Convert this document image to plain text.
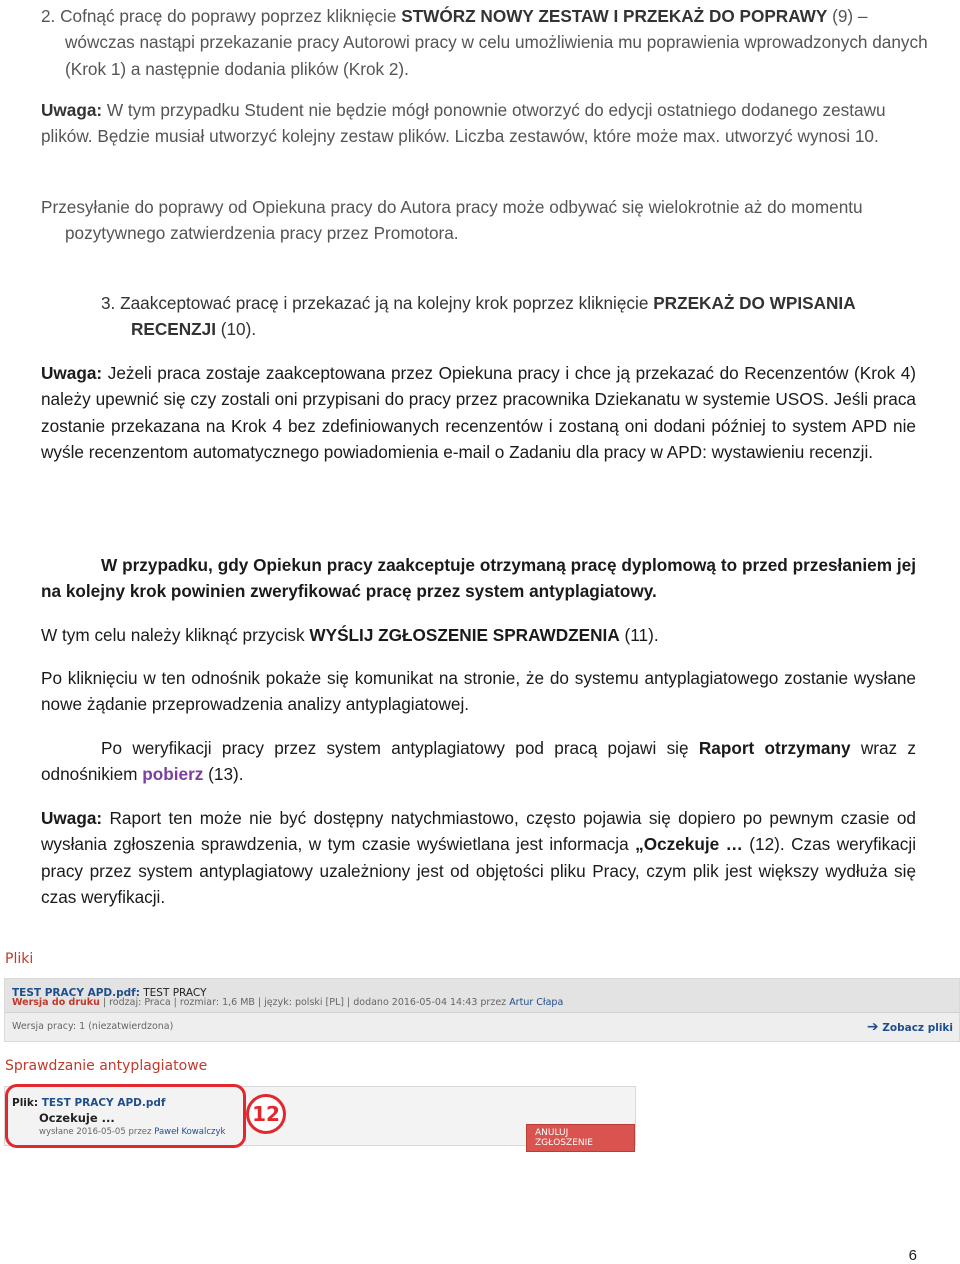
2. Cofnąć pracę do poprawy poprzez kliknięcie STWÓRZ NOWY ZESTAW I PRZEKAŻ DO POPRAWY (9) – wówczas nastąpi przekazanie pracy Autorowi pracy w celu umożliwienia mu poprawienia wprowadzonych danych (Krok 1) a następnie dodania plików (Krok 2).

Uwaga: W tym przypadku Student nie będzie mógł ponownie otworzyć do edycji ostatniego dodanego zestawu plików. Będzie musiał utworzyć kolejny zestaw plików. Liczba zestawów, które może max. utworzyć wynosi 10.

Przesyłanie do poprawy od Opiekuna pracy do Autora pracy może odbywać się wielokrotnie aż do momentu pozytywnego zatwierdzenia pracy przez Promotora.

3. Zaakceptować pracę i przekazać ją na kolejny krok poprzez kliknięcie PRZEKAŻ DO WPISANIA RECENZJI (10).

Uwaga: Jeżeli praca zostaje zaakceptowana przez Opiekuna pracy i chce ją przekazać do Recenzentów (Krok 4) należy upewnić się czy zostali oni przypisani do pracy przez pracownika Dziekanatu w systemie USOS. Jeśli praca zostanie przekazana na Krok 4 bez zdefiniowanych recenzentów i zostaną oni dodani później to system APD nie wyśle recenzentom automatycznego powiadomienia e-mail o Zadaniu dla pracy w APD: wystawieniu recenzji.

W przypadku, gdy Opiekun pracy zaakceptuje otrzymaną pracę dyplomową to przed przesłaniem jej na kolejny krok powinien zweryfikować pracę przez system antyplagiatowy.

W tym celu należy kliknąć przycisk WYŚLIJ ZGŁOSZENIE SPRAWDZENIA (11).

Po kliknięciu w ten odnośnik pokaże się komunikat na stronie, że do systemu antyplagiatowego zostanie wysłane nowe żądanie przeprowadzenia analizy antyplagiatowej.

Po weryfikacji pracy przez system antyplagiatowy pod pracą pojawi się Raport otrzymany wraz z odnośnikiem pobierz (13).

Uwaga: Raport ten może nie być dostępny natychmiastowo, często pojawia się dopiero po pewnym czasie od wysłania zgłoszenia sprawdzenia, w tym czasie wyświetlana jest informacja „Oczekuje … (12). Czas weryfikacji pracy przez system antyplagiatowy uzależniony jest od objętości pliku Pracy, czym plik jest większy wydłuża się czas weryfikacji.

Pliki
TEST PRACY APD.pdf: TEST PRACY
Wersja do druku | rodzaj: Praca | rozmiar: 1,6 MB | język: polski [PL] | dodano 2016-05-04 14:43 przez Artur Cłapa
Wersja pracy: 1 (niezatwierdzona)	➔ Zobacz pliki
Sprawdzanie antyplagiatowe
Plik: TEST PRACY APD.pdf
Oczekuje ...
wysłane 2016-05-05 przez Paweł Kowalczyk	ANULUJ ZGŁOSZENIE
12
6
